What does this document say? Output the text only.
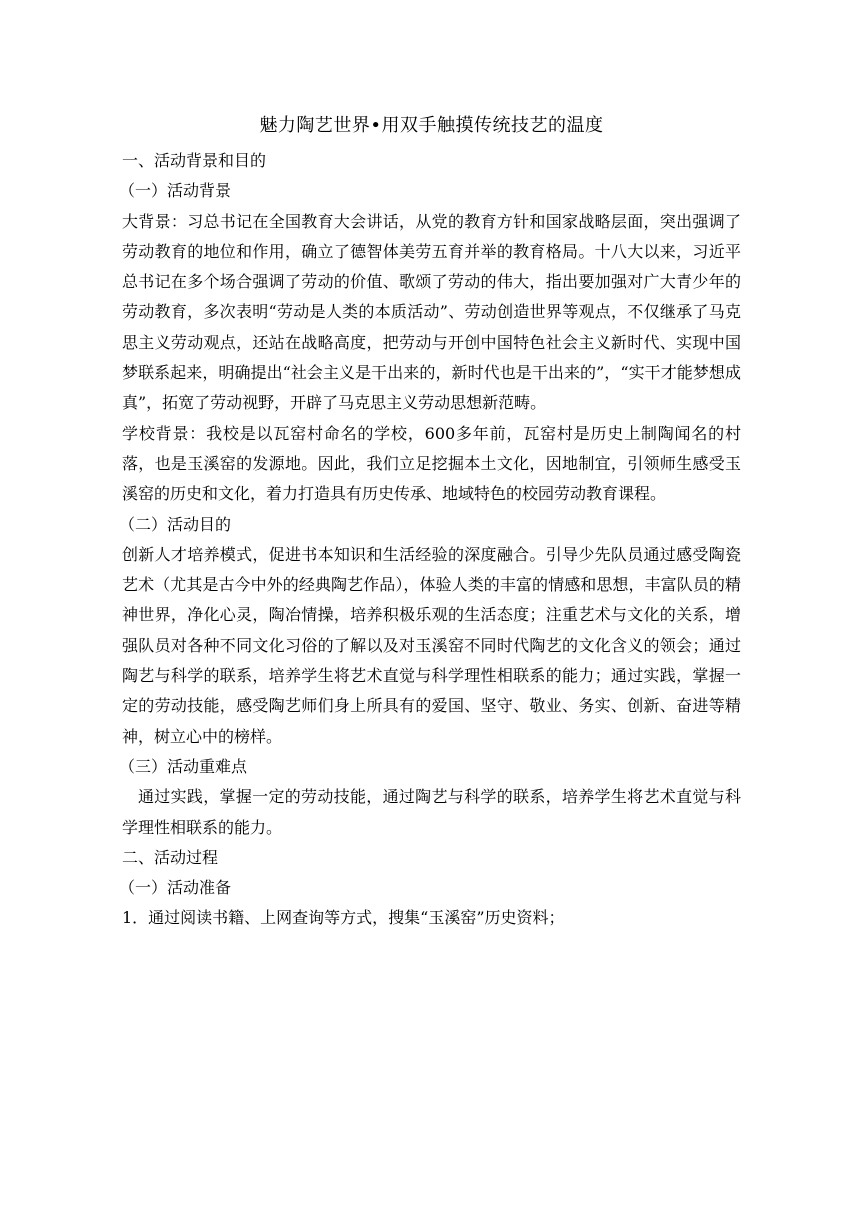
魅力陶艺世界•用双手触摸传统技艺的温度

一、活动背景和目的

（一）活动背景

大背景：习总书记在全国教育大会讲话，从党的教育方针和国家战略层面，突出强调了劳动教育的地位和作用，确立了德智体美劳五育并举的教育格局。十八大以来，习近平总书记在多个场合强调了劳动的价值、歌颂了劳动的伟大，指出要加强对广大青少年的劳动教育，多次表明“劳动是人类的本质活动”、劳动创造世界等观点，不仅继承了马克思主义劳动观点，还站在战略高度，把劳动与开创中国特色社会主义新时代、实现中国梦联系起来，明确提出“社会主义是干出来的，新时代也是干出来的”，“实干才能梦想成真”，拓宽了劳动视野，开辟了马克思主义劳动思想新范畴。

学校背景：我校是以瓦窑村命名的学校，600多年前，瓦窑村是历史上制陶闻名的村落，也是玉溪窑的发源地。因此，我们立足挖掘本土文化，因地制宜，引领师生感受玉溪窑的历史和文化，着力打造具有历史传承、地域特色的校园劳动教育课程。

（二）活动目的

创新人才培养模式，促进书本知识和生活经验的深度融合。引导少先队员通过感受陶瓷艺术（尤其是古今中外的经典陶艺作品），体验人类的丰富的情感和思想，丰富队员的精神世界，净化心灵，陶冶情操，培养积极乐观的生活态度；注重艺术与文化的关系，增强队员对各种不同文化习俗的了解以及对玉溪窑不同时代陶艺的文化含义的领会；通过陶艺与科学的联系，培养学生将艺术直觉与科学理性相联系的能力；通过实践，掌握一定的劳动技能，感受陶艺师们身上所具有的爱国、坚守、敬业、务实、创新、奋进等精神，树立心中的榜样。

（三）活动重难点

通过实践，掌握一定的劳动技能，通过陶艺与科学的联系，培养学生将艺术直觉与科学理性相联系的能力。

二、活动过程

（一）活动准备

1．通过阅读书籍、上网查询等方式，搜集“玉溪窑”历史资料；
